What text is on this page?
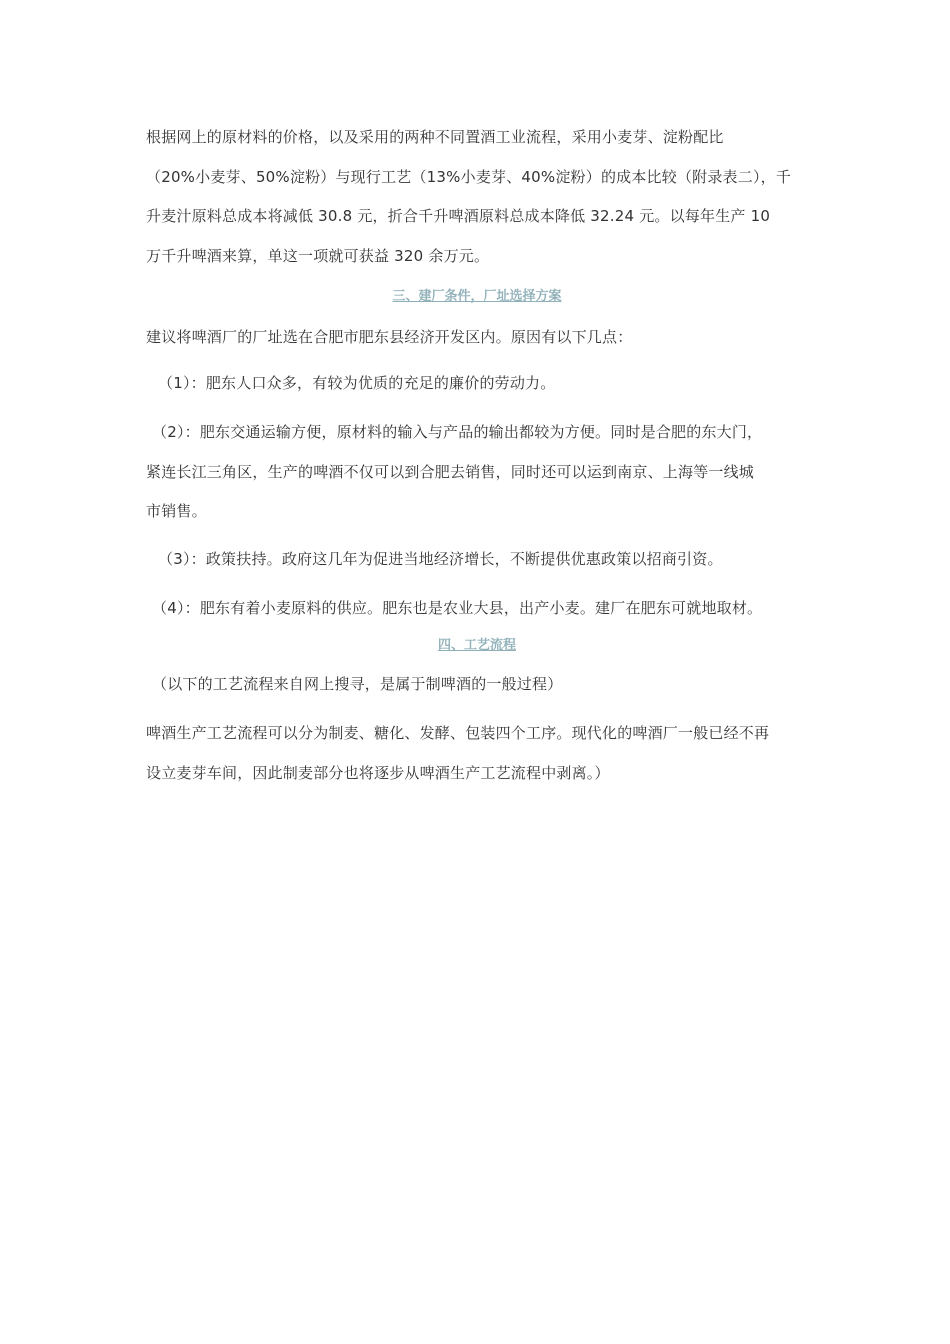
根据网上的原材料的价格，以及采用的两种不同置酒工业流程，采用小麦芽、淀粉配比
（20%小麦芽、50%淀粉）与现行工艺（13%小麦芽、40%淀粉）的成本比较（附录表二），千
升麦汁原料总成本将减低 30.8 元，折合千升啤酒原料总成本降低 32.24 元。以每年生产 10
万千升啤酒来算，单这一项就可获益 320 余万元。

三、建厂条件，厂址选择方案

建议将啤酒厂的厂址选在合肥市肥东县经济开发区内。原因有以下几点：

（1）：肥东人口众多，有较为优质的充足的廉价的劳动力。

（2）：肥东交通运输方便，原材料的输入与产品的输出都较为方便。同时是合肥的东大门，

紧连长江三角区，生产的啤酒不仅可以到合肥去销售，同时还可以运到南京、上海等一线城
市销售。

（3）：政策扶持。政府这几年为促进当地经济增长，不断提供优惠政策以招商引资。

（4）：肥东有着小麦原料的供应。肥东也是农业大县，出产小麦。建厂在肥东可就地取材。

四、工艺流程

（以下的工艺流程来自网上搜寻，是属于制啤酒的一般过程）

啤酒生产工艺流程可以分为制麦、糖化、发酵、包装四个工序。现代化的啤酒厂一般已经不再
设立麦芽车间，因此制麦部分也将逐步从啤酒生产工艺流程中剥离。）
